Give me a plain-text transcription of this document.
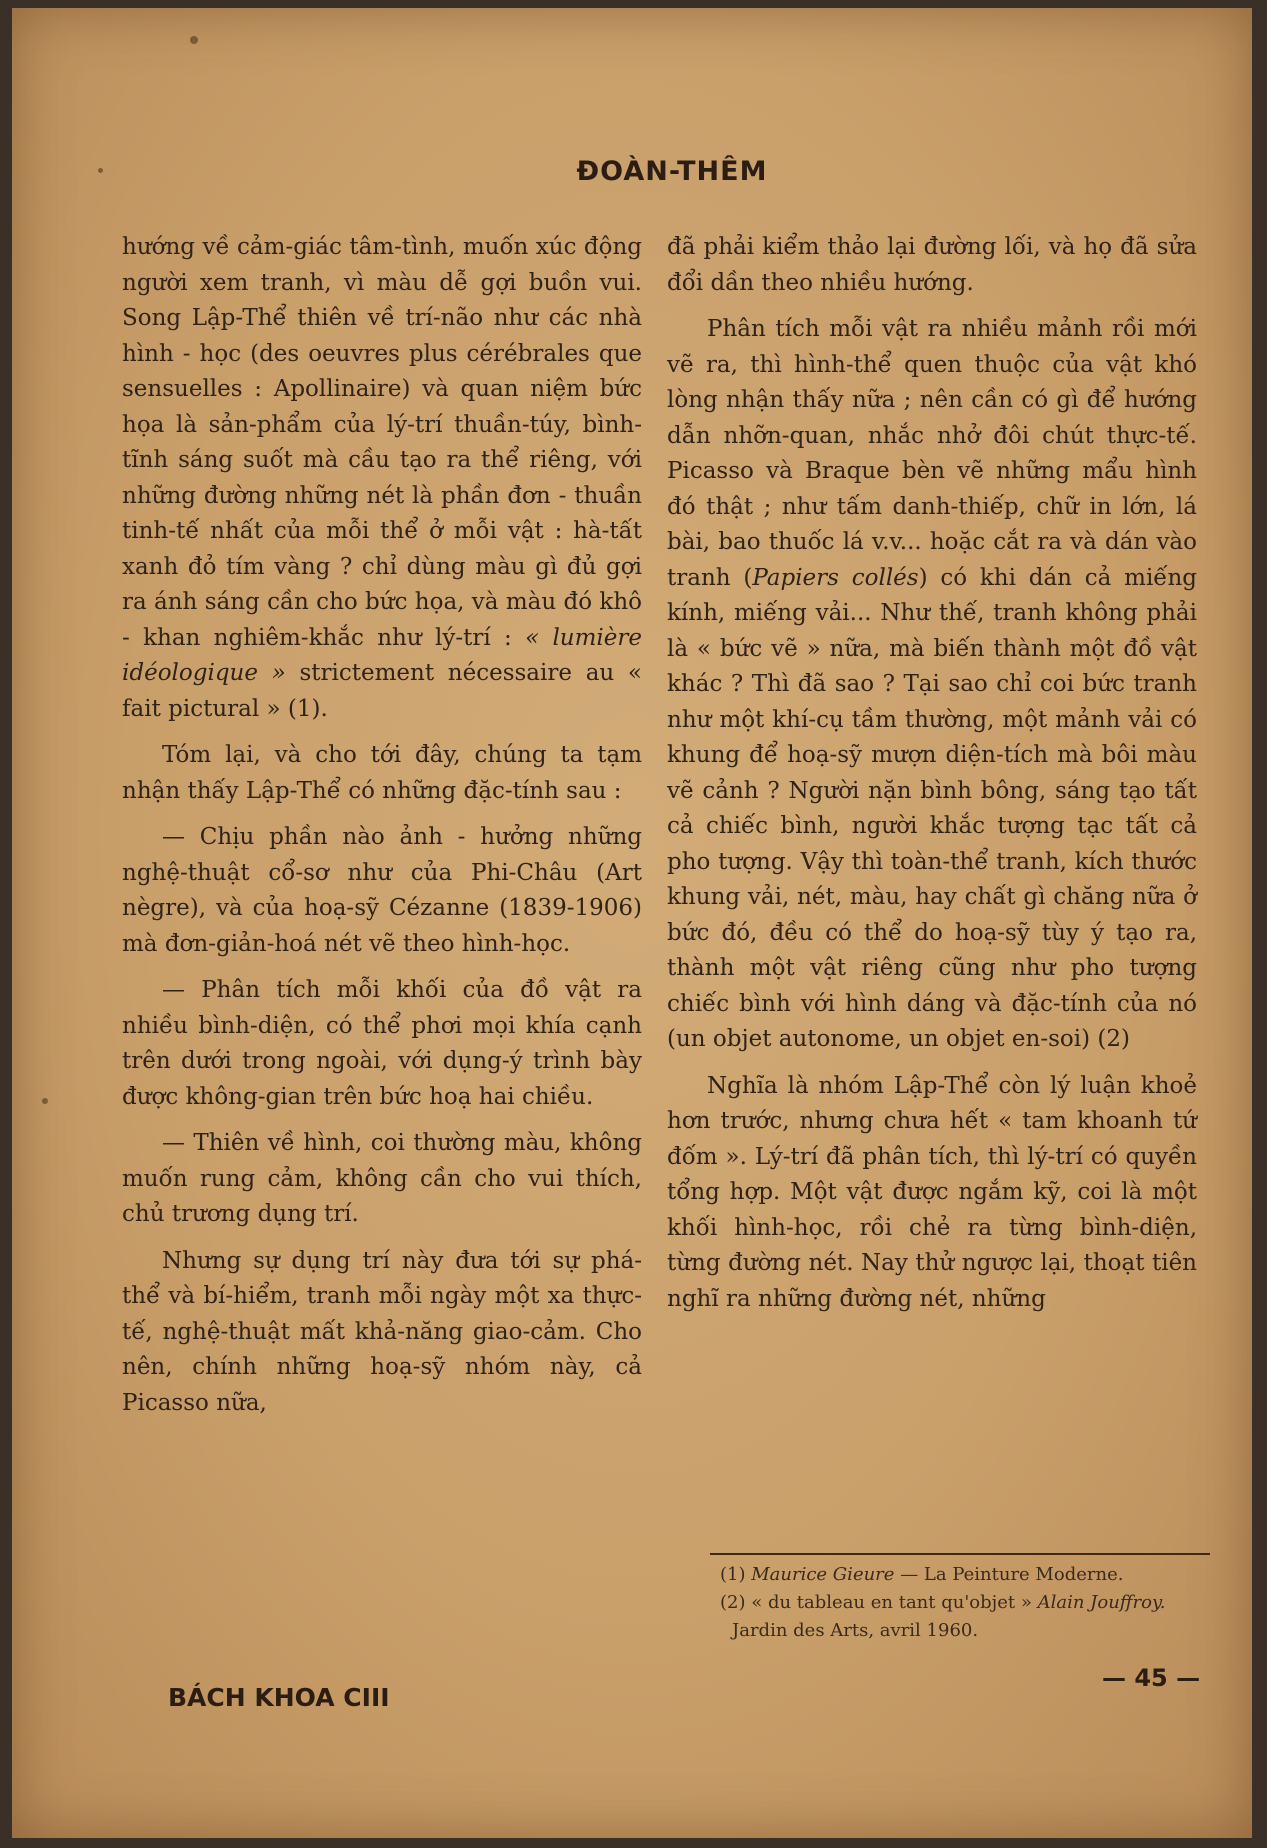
ĐOÀN-THÊM

hướng về cảm-giác tâm-tình, muốn xúc động người xem tranh, vì màu dễ gợi buồn vui. Song Lập-Thể thiên về trí-não như các nhà hình - học (des oeuvres plus cérébrales que sensuelles : Apollinaire) và quan niệm bức họa là sản-phẩm của lý-trí thuần-túy, bình-tĩnh sáng suốt mà cầu tạo ra thể riêng, với những đường những nét là phần đơn - thuần tinh-tế nhất của mỗi thể ở mỗi vật : hà-tất xanh đỏ tím vàng ? chỉ dùng màu gì đủ gợi ra ánh sáng cần cho bức họa, và màu đó khô - khan nghiêm-khắc như lý-trí : « lumière idéologique » strictement nécessaire au « fait pictural » (1).

Tóm lại, và cho tới đây, chúng ta tạm nhận thấy Lập-Thể có những đặc-tính sau :

— Chịu phần nào ảnh - hưởng những nghệ-thuật cổ-sơ như của Phi-Châu (Art nègre), và của hoạ-sỹ Cézanne (1839-1906) mà đơn-giản-hoá nét vẽ theo hình-học.

— Phân tích mỗi khối của đồ vật ra nhiều bình-diện, có thể phơi mọi khía cạnh trên dưới trong ngoài, với dụng-ý trình bày được không-gian trên bức hoạ hai chiều.

— Thiên về hình, coi thường màu, không muốn rung cảm, không cần cho vui thích, chủ trương dụng trí.

Nhưng sự dụng trí này đưa tới sự phá-thể và bí-hiểm, tranh mỗi ngày một xa thực-tế, nghệ-thuật mất khả-năng giao-cảm. Cho nên, chính những hoạ-sỹ nhóm này, cả Picasso nữa,

đã phải kiểm thảo lại đường lối, và họ đã sửa đổi dần theo nhiều hướng.

Phân tích mỗi vật ra nhiều mảnh rồi mới vẽ ra, thì hình-thể quen thuộc của vật khó lòng nhận thấy nữa ; nên cần có gì để hướng dẫn nhỡn-quan, nhắc nhở đôi chút thực-tế. Picasso và Braque bèn vẽ những mẩu hình đó thật ; như tấm danh-thiếp, chữ in lớn, lá bài, bao thuốc lá v.v... hoặc cắt ra và dán vào tranh (Papiers collés) có khi dán cả miếng kính, miếng vải... Như thế, tranh không phải là « bức vẽ » nữa, mà biến thành một đồ vật khác ? Thì đã sao ? Tại sao chỉ coi bức tranh như một khí-cụ tầm thường, một mảnh vải có khung để hoạ-sỹ mượn diện-tích mà bôi màu vẽ cảnh ? Người nặn bình bông, sáng tạo tất cả chiếc bình, người khắc tượng tạc tất cả pho tượng. Vậy thì toàn-thể tranh, kích thước khung vải, nét, màu, hay chất gì chăng nữa ở bức đó, đều có thể do hoạ-sỹ tùy ý tạo ra, thành một vật riêng cũng như pho tượng chiếc bình với hình dáng và đặc-tính của nó (un objet autonome, un objet en-soi) (2)

Nghĩa là nhóm Lập-Thể còn lý luận khoẻ hơn trước, nhưng chưa hết « tam khoanh tứ đốm ». Lý-trí đã phân tích, thì lý-trí có quyền tổng hợp. Một vật được ngắm kỹ, coi là một khối hình-học, rồi chẻ ra từng bình-diện, từng đường nét. Nay thử ngược lại, thoạt tiên nghĩ ra những đường nét, những

(1) Maurice Gieure — La Peinture Moderne.
(2) « du tableau en tant qu'objet » Alain Jouffroy. Jardin des Arts, avril 1960.
BÁCH KHOA CIII
— 45 —
